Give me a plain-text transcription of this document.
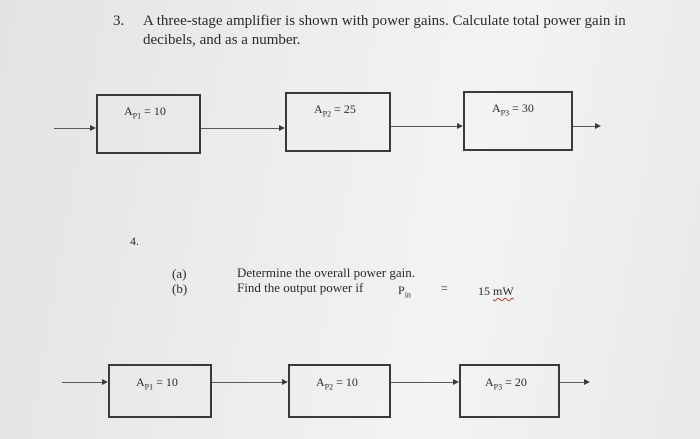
3. A three-stage amplifier is shown with power gains. Calculate total power gain in
decibels, and as a number.
$A_{P1} = 10$	$A_{P2} = 25$	$A_{P3} = 30$
4.
(a)	Determine the overall power gain.
(b)	Find the output power if	$P_{in}$	=	15 mW
$A_{P1} = 10$	$A_{P2} = 10$	$A_{P3} = 20$
